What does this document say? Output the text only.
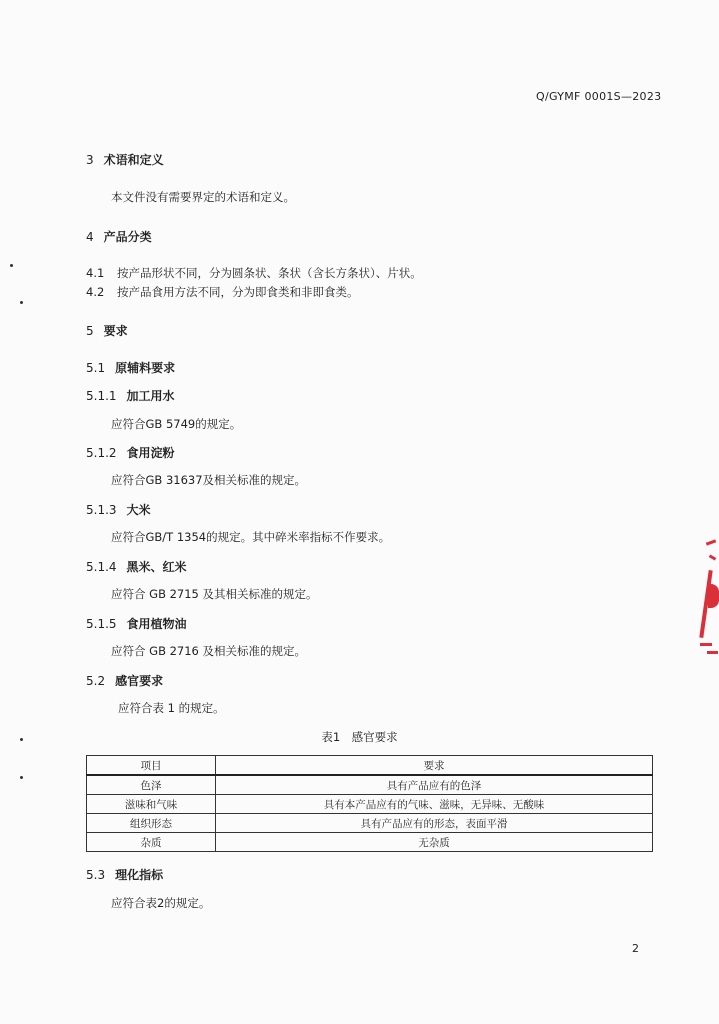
Q/GYMF 0001S—2023
3 术语和定义
本文件没有需要界定的术语和定义。
4 产品分类
4.1 按产品形状不同，分为圆条状、条状（含长方条状）、片状。
4.2 按产品食用方法不同，分为即食类和非即食类。
5 要求
5.1 原辅料要求
5.1.1 加工用水
应符合GB 5749的规定。
5.1.2 食用淀粉
应符合GB 31637及相关标准的规定。
5.1.3 大米
应符合GB/T 1354的规定。其中碎米率指标不作要求。
5.1.4 黑米、红米
应符合 GB 2715 及其相关标准的规定。
5.1.5 食用植物油
应符合 GB 2716 及相关标准的规定。
5.2 感官要求
应符合表 1 的规定。
表1　感官要求
项目	要求
色泽	具有产品应有的色泽
滋味和气味	具有本产品应有的气味、滋味，无异味、无酸味
组织形态	具有产品应有的形态，表面平滑
杂质	无杂质
5.3 理化指标
应符合表2的规定。
2
